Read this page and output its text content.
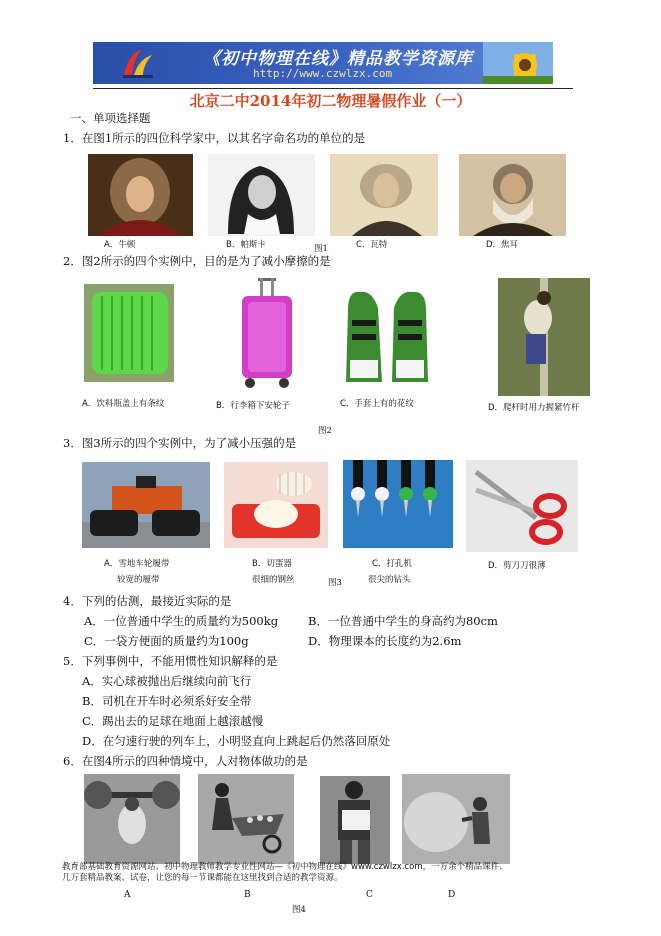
《初中物理在线》精品教学资源库
http://www.czwlzx.com
北京二中2014年初二物理暑假作业（一）
一、单项选择题
1．在图1所示的四位科学家中，以其名字命名功的单位的是
A．牛顿	B．帕斯卡	图1	C．瓦特	D．焦耳
2．图2所示的四个实例中，目的是为了减小摩擦的是
A．饮料瓶盖上有条纹	B．行李箱下安轮子	C．手套上有的花纹	D．爬杆时用力握紧竹杆
图2
3．图3所示的四个实例中，为了减小压强的是
A．雪地车轮履带	B．切蛋器	C．打孔机	D．剪刀刀很薄
较宽的履带	很细的钢丝	图3	很尖的钻头
4．下列的估测，最接近实际的是
A．一位普通中学生的质量约为500kg	B．一位普通中学生的身高约为80cm
C．一袋方便面的质量约为100g	D．物理课本的长度约为2.6m
5．下列事例中，不能用惯性知识解释的是
A．实心球被抛出后继续向前飞行
B．司机在开车时必须系好安全带
C．踢出去的足球在地面上越滚越慢
D．在匀速行驶的列车上，小明竖直向上跳起后仍然落回原处
6．在图4所示的四种情境中，人对物体做功的是
A	B	C	D
图4
教育部基础教育资源网站、初中物理教师教学专业性网站—《初中物理在线》www.czwlzx.com，一万余个精品课件、
几万套精品教案、试卷，让您的每一节课都能在这里找到合适的教学资源。
